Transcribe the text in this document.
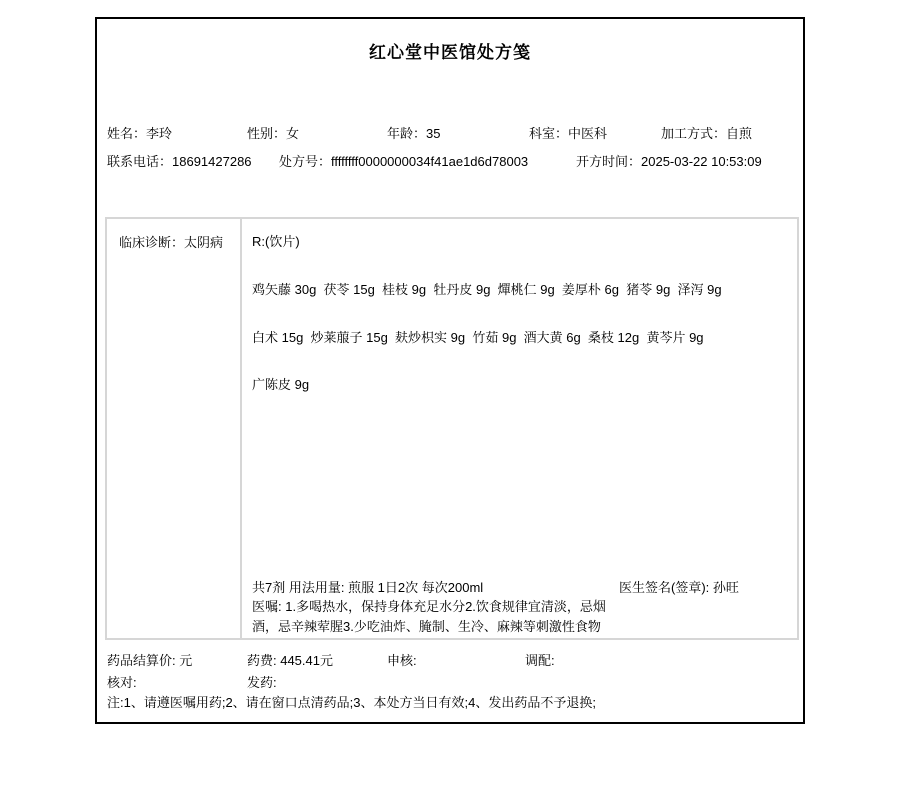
红心堂中医馆处方笺
姓名：李玲	性别：女	年龄：35	科室：中医科	加工方式：自煎
联系电话：18691427286 处方号：ffffffff0000000034f41ae1d6d78003	开方时间：2025-03-22 10:53:09
临床诊断：太阴病 R:(饮片)
鸡矢藤 30g  茯苓 15g  桂枝 9g  牡丹皮 9g  燀桃仁 9g  姜厚朴 6g  猪苓 9g  泽泻 9g
白术 15g  炒莱菔子 15g  麸炒枳实 9g  竹茹 9g  酒大黄 6g  桑枝 12g  黄芩片 9g
广陈皮 9g
共7剂 用法用量: 煎服 1日2次 每次200ml	医生签名(签章): 孙旺
医嘱: 1.多喝热水，保持身体充足水分2.饮食规律宜清淡，忌烟酒，忌辛辣荤腥3.少吃油炸、腌制、生冷、麻辣等刺激性食物
药品结算价: 元	药费: 445.41元	申核:	调配:
核对:	发药:
注:1、请遵医嘱用药;2、请在窗口点清药品;3、本处方当日有效;4、发出药品不予退换;
